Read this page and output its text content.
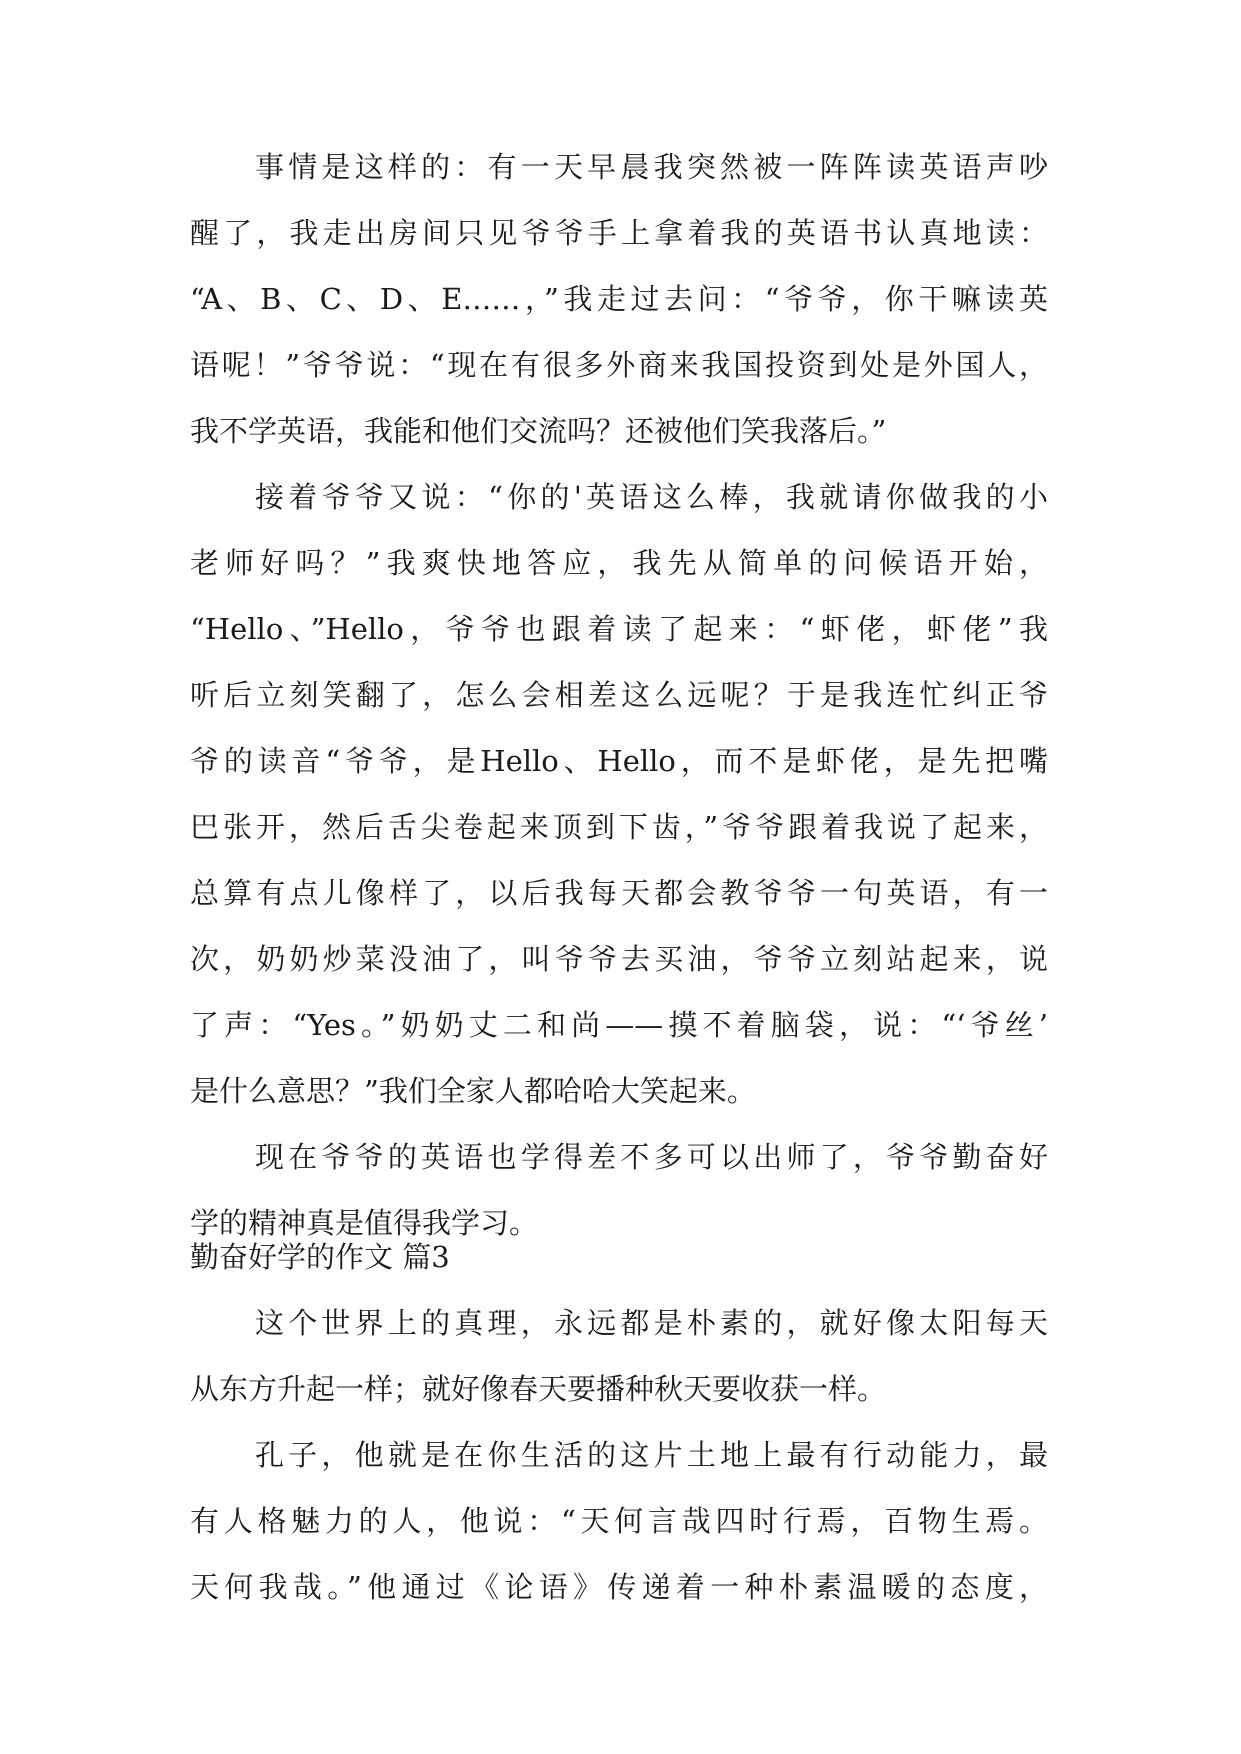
事情是这样的：有一天早晨我突然被一阵阵读英语声吵
醒了，我走出房间只见爷爷手上拿着我的英语书认真地读：
“A、B、C、D、E……，”我走过去问：“爷爷，你干嘛读英
语呢！”爷爷说：“现在有很多外商来我国投资到处是外国人，
我不学英语，我能和他们交流吗？还被他们笑我落后。”
接着爷爷又说：“你的'英语这么棒，我就请你做我的小
老师好吗？”我爽快地答应，我先从简单的问候语开始，
“Hello、”Hello，爷爷也跟着读了起来：“虾佬，虾佬”我
听后立刻笑翻了，怎么会相差这么远呢？于是我连忙纠正爷
爷的读音“爷爷，是Hello、Hello，而不是虾佬，是先把嘴
巴张开，然后舌尖卷起来顶到下齿，”爷爷跟着我说了起来，
总算有点儿像样了，以后我每天都会教爷爷一句英语，有一
次，奶奶炒菜没油了，叫爷爷去买油，爷爷立刻站起来，说
了声：“Yes。”奶奶丈二和尚——摸不着脑袋，说：“‘爷丝’
是什么意思？”我们全家人都哈哈大笑起来。
现在爷爷的英语也学得差不多可以出师了，爷爷勤奋好
学的精神真是值得我学习。
勤奋好学的作文 篇3
这个世界上的真理，永远都是朴素的，就好像太阳每天
从东方升起一样；就好像春天要播种秋天要收获一样。
孔子，他就是在你生活的这片土地上最有行动能力，最
有人格魅力的人，他说：“天何言哉四时行焉，百物生焉。
天何我哉。”他通过《论语》传递着一种朴素温暖的态度，
